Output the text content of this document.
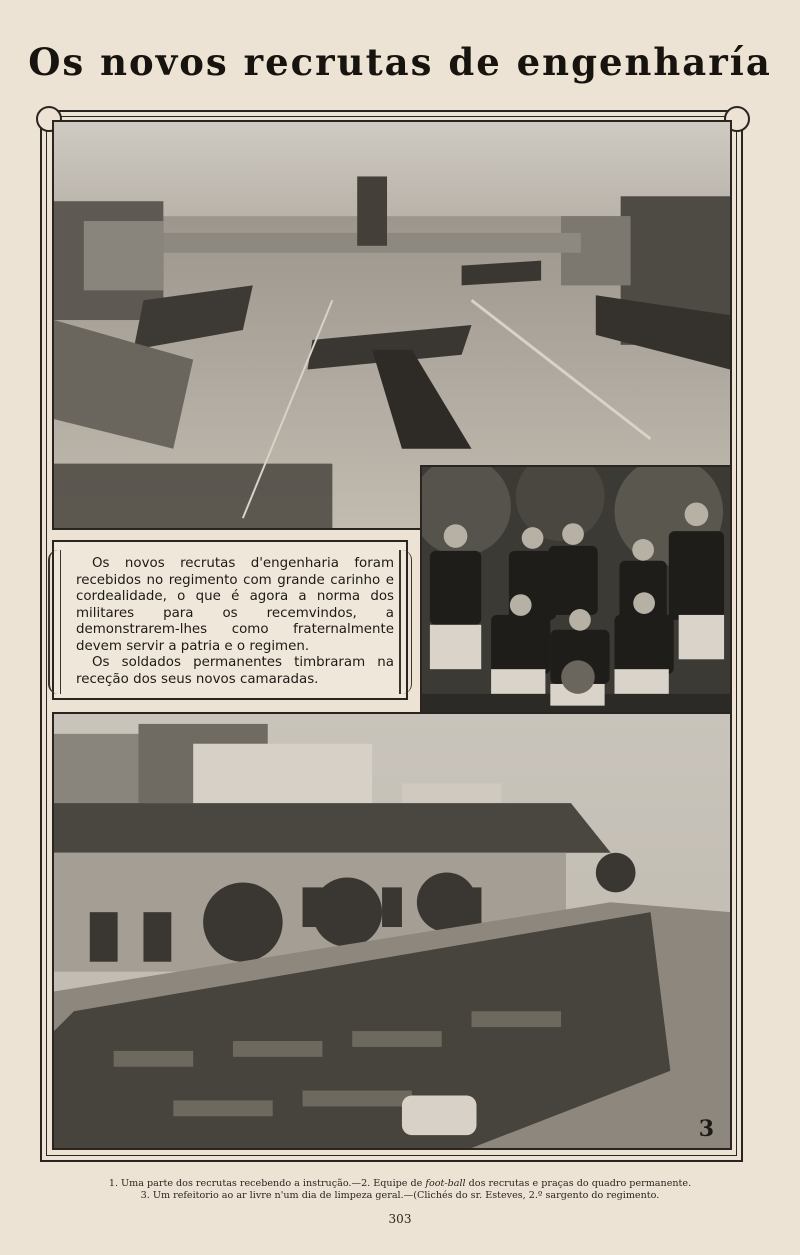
Os novos recrutas de engenharía

Os novos recrutas d'engenharia foram recebidos no regimento com grande carinho e cordealidade, o que é agora a norma dos militares para os recemvindos, a demonstrarem-lhes como fraternalmente devem servir a patria e o regimen.

Os soldados permanentes timbraram na receção dos seus novos camaradas.

3
1. Uma parte dos recrutas recebendo a instrução.—2. Equipe de foot-ball dos recrutas e praças do quadro permanente.
3. Um refeitorio ao ar livre n'um dia de limpeza geral.—(Clichés do sr. Esteves, 2.º sargento do regimento.
303
